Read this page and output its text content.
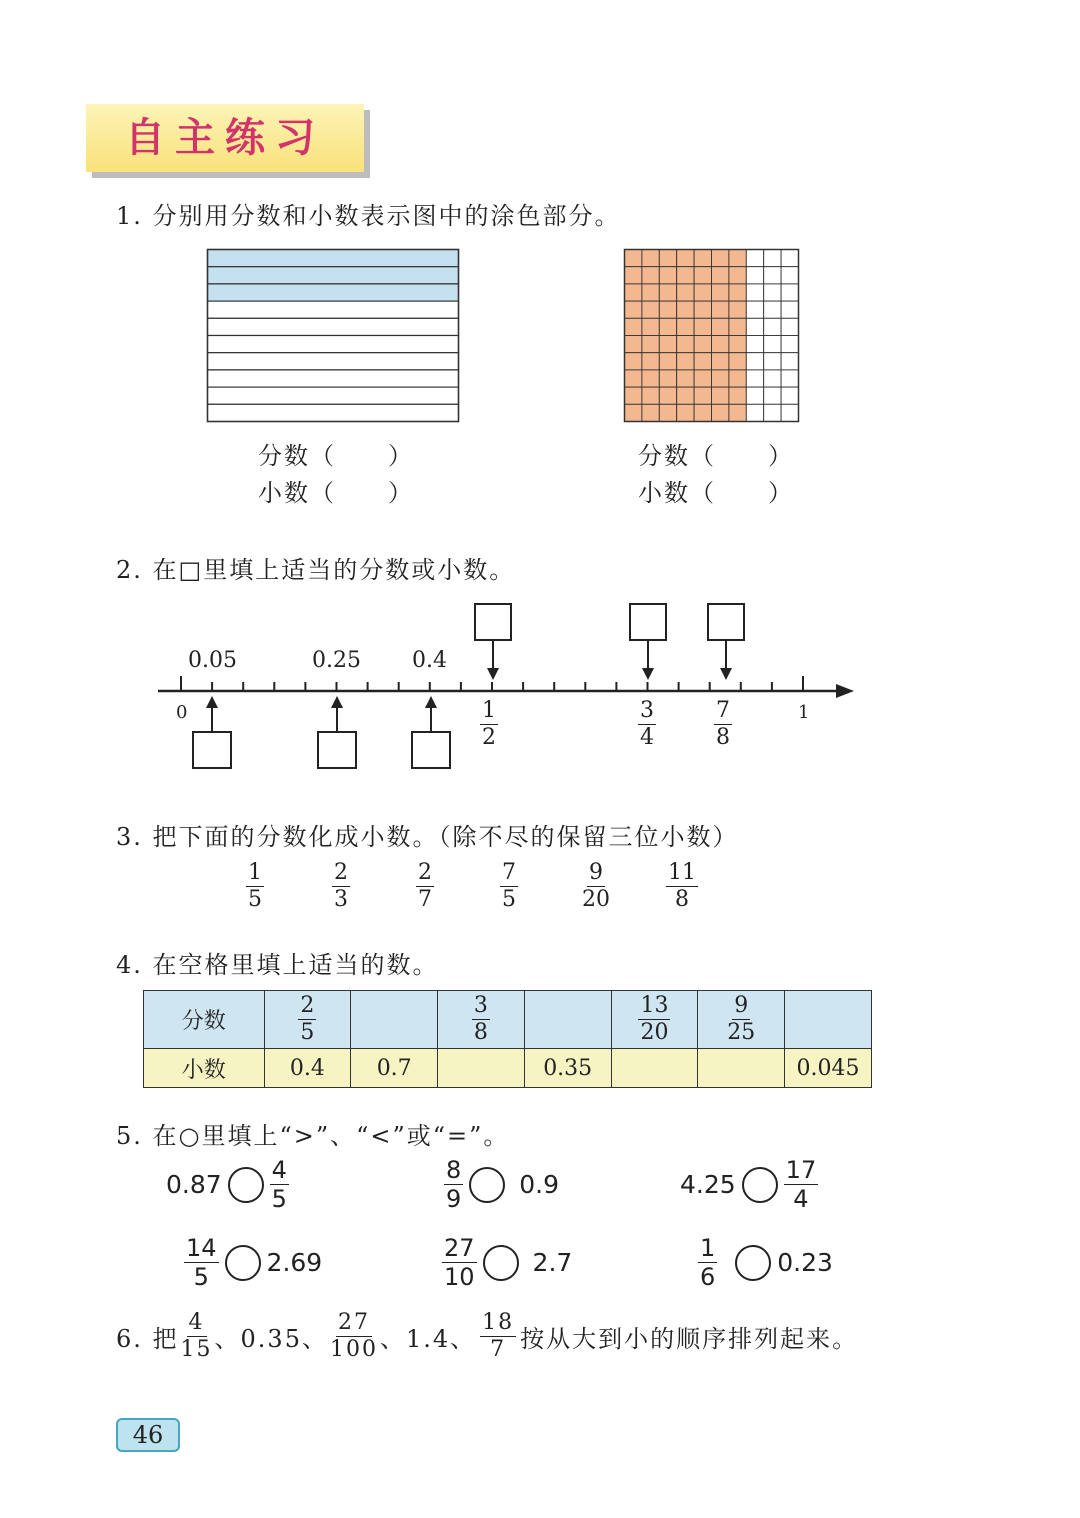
自主练习
1. 分别用分数和小数表示图中的涂色部分。
分数（　　）
小数（　　）
分数（　　）
小数（　　）
2. 在□里填上适当的分数或小数。
0.05	0.25 0.4
0	1
$\frac{1}{2}$	$\frac{3}{4}$	$\frac{7}{8}$
3. 把下面的分数化成小数。（除不尽的保留三位小数）
$\frac{1}{5}$	$\frac{2}{3}$	$\frac{2}{7}$	$\frac{7}{5}$	$\frac{9}{20}$	$\frac{11}{8}$
4. 在空格里填上适当的数。
分数	$\frac{2}{5}$		$\frac{3}{8}$		$\frac{13}{20}$	$\frac{9}{25}$

小数	0.4	0.7		0.35			0.045
5. 在○里填上“>”、“<”或“=”。
$0.87 \frac{4}{5}$	$\frac{8}{9} 0.9$	$4.25 \frac{17}{4}$
$\frac{14}{5} 2.69$	$\frac{27}{10} 2.7$	$\frac{1}{6} 0.23$
6. 把 $\frac{4}{15}$ 、0.35、 $\frac{27}{100}$ 、1.4、 $\frac{18}{7}$ 按从大到小的顺序排列起来。
46
